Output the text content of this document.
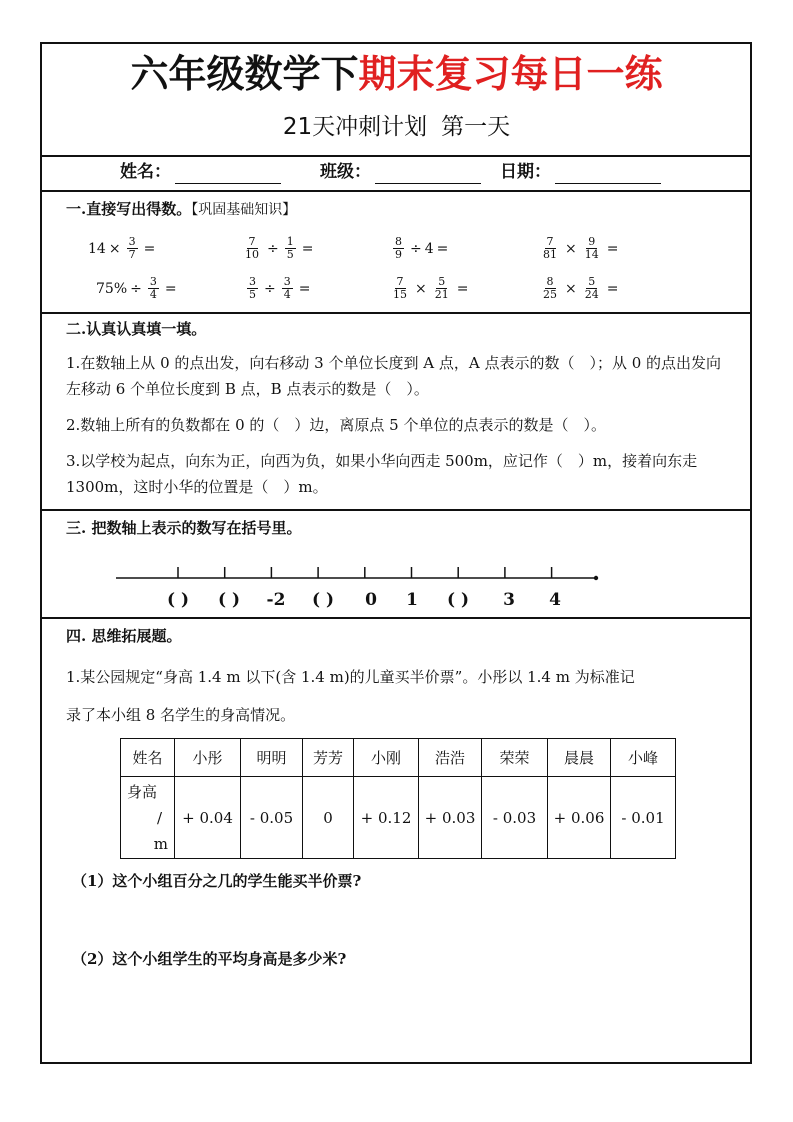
六年级数学下期末复习每日一练
21天冲刺计划 第一天
姓名：	班级：	日期：
一.直接写出得数。【巩固基础知识】
$14 \times \frac{3}{7}$ =	$\frac{7}{10} \div \frac{1}{5}$ =	$\frac{8}{9} \div 4$ =	$\frac{7}{81} \times \frac{9}{14}$ =
$75\% \div \frac{3}{4}$ =	$\frac{3}{5} \div \frac{3}{4}$ =	$\frac{7}{15} \times \frac{5}{21}$ =	$\frac{8}{25} \times \frac{5}{24}$ =
二.认真认真填一填。
1.在数轴上从 0 的点出发，向右移动 3 个单位长度到 A 点，A 点表示的数（　）；从 0 的点出发向左移动 6 个单位长度到 B 点，B 点表示的数是（　）。
2.数轴上所有的负数都在 0 的（　）边，离原点 5 个单位的点表示的数是（　）。
3.以学校为起点，向东为正，向西为负，如果小华向西走 500m，应记作（　）m，接着向东走 1300m，这时小华的位置是（　）m。
三. 把数轴上表示的数写在括号里。
( ) ( )	-2	( )	0	1	( )	3	4
四. 思维拓展题。
1.某公园规定“身高 1.4 m 以下(含 1.4 m)的儿童买半价票”。小彤以 1.4 m 为标准记
录了本小组 8 名学生的身高情况。
姓名	小彤	明明	芳芳	小刚	浩浩	荣荣	晨晨	小峰

身高
/
m	+ 0.04	- 0.05	0	+ 0.12	+ 0.03	- 0.03	+ 0.06	- 0.01
（1）这个小组百分之几的学生能买半价票?
（2）这个小组学生的平均身高是多少米?
